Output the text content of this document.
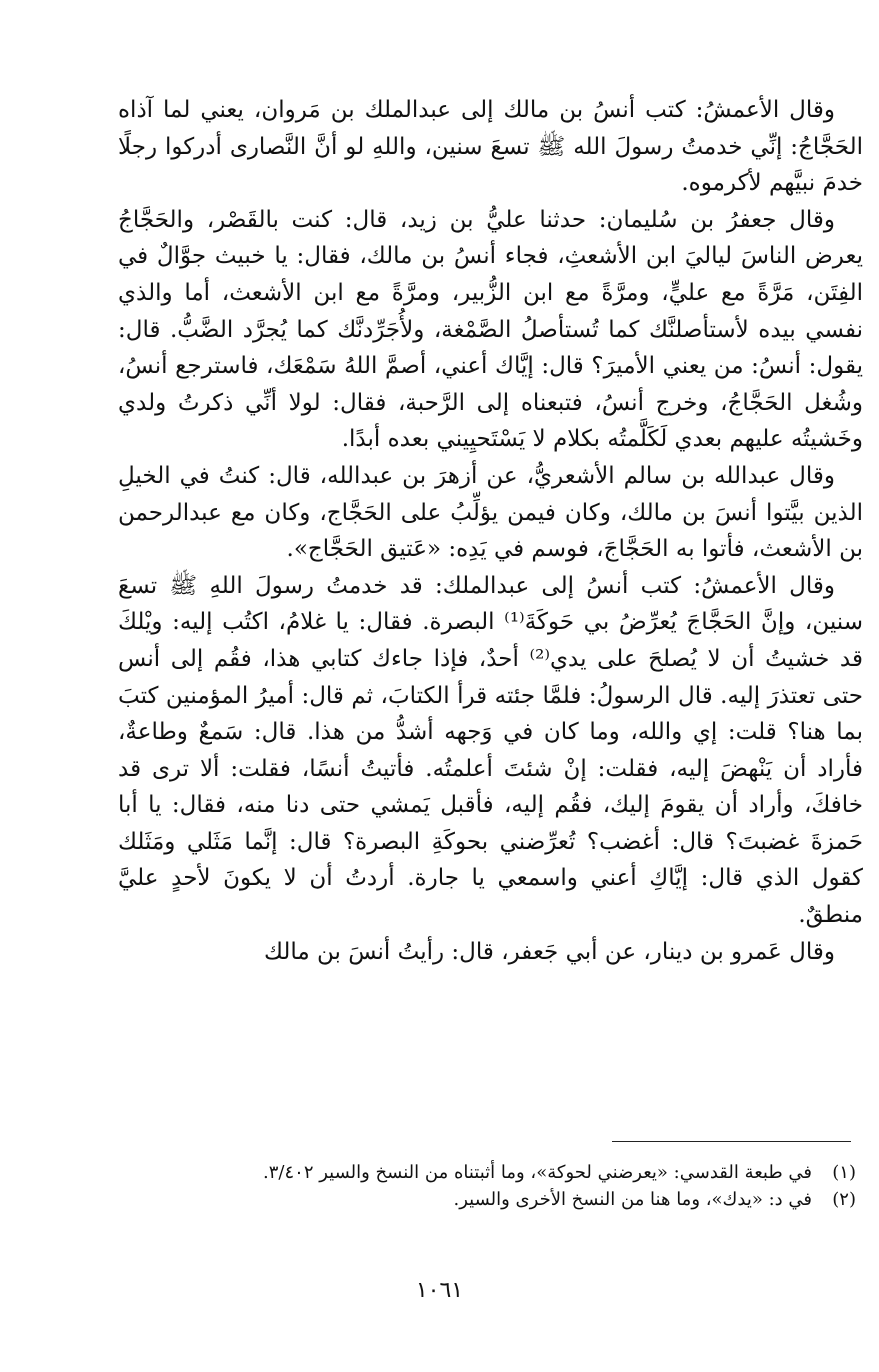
وقال الأعمشُ: كتب أنسُ بن مالك إلى عبدالملك بن مَروان، يعني لما آذاه الحَجَّاجُ: إنِّي خدمتُ رسولَ الله ﷺ تسعَ سنين، واللهِ لو أنَّ النَّصارى أدركوا رجلًا خدمَ نبيَّهم لأكرموه.

وقال جعفرُ بن سُليمان: حدثنا عليُّ بن زيد، قال: كنت بالقَصْر، والحَجَّاجُ يعرض الناسَ لياليَ ابن الأشعثِ، فجاء أنسُ بن مالك، فقال: يا خبيث جوَّالٌ في الفِتَن، مَرَّةً مع عليٍّ، ومرَّةً مع ابن الزُّبير، ومرَّةً مع ابن الأشعث، أما والذي نفسي بيده لأستأصلنَّك كما تُستأصلُ الصَّمْغة، ولأُجَرِّدنَّك كما يُجرَّد الضَّبُّ. قال: يقول: أنسُ: من يعني الأميرَ؟ قال: إيَّاك أعني، أصمَّ اللهُ سَمْعَك، فاسترجع أنسُ، وشُغل الحَجَّاجُ، وخرج أنسُ، فتبعناه إلى الرَّحبة، فقال: لولا أنِّي ذكرتُ ولدي وخَشيتُه عليهم بعدي لَكَلَّمتُه بكلام لا يَسْتَحيِيني بعده أبدًا.

وقال عبدالله بن سالم الأشعريُّ، عن أزهرَ بن عبدالله، قال: كنتُ في الخيلِ الذين بيَّتوا أنسَ بن مالك، وكان فيمن يؤلِّبُ على الحَجَّاج، وكان مع عبدالرحمن بن الأشعث، فأتوا به الحَجَّاجَ، فوسم في يَدِه: «عَتيق الحَجَّاج».

وقال الأعمشُ: كتب أنسُ إلى عبدالملك: قد خدمتُ رسولَ اللهِ ﷺ تسعَ سنين، وإنَّ الحَجَّاجَ يُعرِّضُ بي حَوكَةَ⁽¹⁾ البصرة. فقال: يا غلامُ، اكتُب إليه: ويْلكَ قد خشيتُ أن لا يُصلحَ على يدي⁽²⁾ أحدٌ، فإذا جاءك كتابي هذا، فقُم إلى أنس حتى تعتذرَ إليه. قال الرسولُ: فلمَّا جئته قرأ الكتابَ، ثم قال: أميرُ المؤمنين كتبَ بما هنا؟ قلت: إي والله، وما كان في وَجهه أشدُّ من هذا. قال: سَمعٌ وطاعةٌ، فأراد أن يَنْهضَ إليه، فقلت: إنْ شئتَ أعلمتُه. فأتيتُ أنسًا، فقلت: ألا ترى قد خافكَ، وأراد أن يقومَ إليك، فقُم إليه، فأقبل يَمشي حتى دنا منه، فقال: يا أبا حَمزةَ غضبتَ؟ قال: أغضب؟ تُعرِّضني بحوكَةِ البصرة؟ قال: إنَّما مَثَلي ومَثَلك كقول الذي قال: إيَّاكِ أعني واسمعي يا جارة. أردتُ أن لا يكونَ لأحدٍ عليَّ منطقٌ.

وقال عَمرو بن دينار، عن أبي جَعفر، قال: رأيتُ أنسَ بن مالك

(١)
في طبعة القدسي: «يعرضني لحوكة»، وما أثبتناه من النسخ والسير ٣/٤٠٢.
(٢)
في د: «يدك»، وما هنا من النسخ الأخرى والسير.
١٠٦١
